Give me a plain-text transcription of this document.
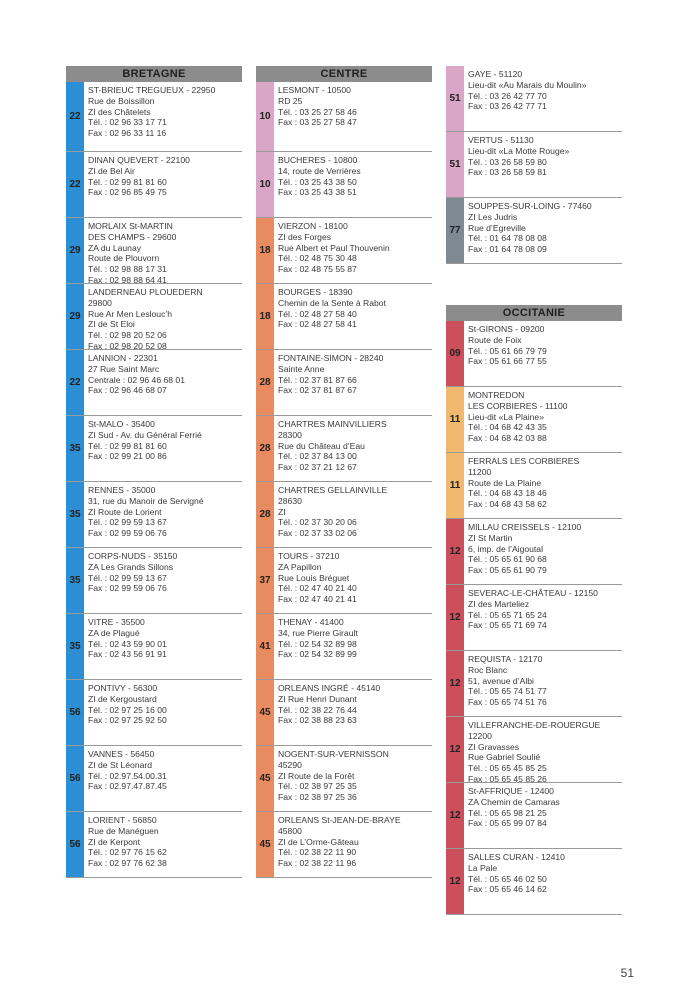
BRETAGNE
22
ST-BRIEUC TREGUEUX - 22950
Rue de Boissillon
ZI des Châtelets
Tél. : 02 96 33 17 71
Fax : 02 96 33 11 16
22
DINAN QUEVERT - 22100
ZI de Bel Air
Tél. : 02 99 81 81 60
Fax : 02 96 85 49 75
29
MORLAIX St-MARTIN
DES CHAMPS - 29600
ZA du Launay
Route de Plouvorn
Tél. : 02 98 88 17 31
Fax : 02 98 88 64 41
29
LANDERNEAU PLOUEDERN
29800
Rue Ar Men Leslouc’h
ZI de St Eloi
Tél. : 02 98 20 52 06
Fax : 02 98 20 52 08
22
LANNION - 22301
27 Rue Saint Marc
Centrale : 02 96 46 68 01
Fax : 02 96 46 68 07
35
St-MALO - 35400
ZI Sud - Av. du Général Ferrié
Tél. : 02 99 81 81 60
Fax : 02 99 21 00 86
35
RENNES - 35000
31, rue du Manoir de Servigné
ZI Route de Lorient
Tél. : 02 99 59 13 67
Fax : 02 99 59 06 76
35
CORPS-NUDS - 35150
ZA Les Grands Sillons
Tél. : 02 99 59 13 67
Fax : 02 99 59 06 76
35
VITRE - 35500
ZA de Plagué
Tél. : 02 43 59 90 01
Fax : 02 43 56 91 91
56
PONTIVY - 56300
ZI de Kergoustard
Tél. : 02 97 25 16 00
Fax : 02 97 25 92 50
56
VANNES - 56450
ZI de St Léonard
Tél. : 02.97.54.00.31
Fax : 02.97.47.87.45
56
LORIENT - 56850
Rue de Manéguen
ZI de Kerpont
Tél. : 02 97 76 15 62
Fax : 02 97 76 62 38
CENTRE
10
LESMONT - 10500
RD 25
Tél. : 03 25 27 58 46
Fax : 03 25 27 58 47
10
BUCHERES - 10800
14, route de Verrières
Tél. : 03 25 43 38 50
Fax : 03 25 43 38 51
18
VIERZON - 18100
ZI des Forges
Rue Albert et Paul Thouvenin
Tél. : 02 48 75 30 48
Fax : 02 48 75 55 87
18
BOURGES - 18390
Chemin de la Sente à Rabot
Tél. : 02 48 27 58 40
Fax : 02 48 27 58 41
28
FONTAINE-SIMON - 28240
Sainte Anne
Tél. : 02 37 81 87 66
Fax : 02 37 81 87 67
28
CHARTRES MAINVILLIERS
28300
Rue du Château d’Eau
Tél. : 02 37 84 13 00
Fax : 02 37 21 12 67
28
CHARTRES GELLAINVILLE
28630
ZI
Tél. : 02 37 30 20 06
Fax : 02 37 33 02 06
37
TOURS - 37210
ZA Papillon
Rue Louis Bréguet
Tél. : 02 47 40 21 40
Fax : 02 47 40 21 41
41
THENAY - 41400
34, rue Pierre Girault
Tél. : 02 54 32 89 98
Fax : 02 54 32 89 99
45
ORLEANS INGRÉ - 45140
ZI Rue Henri Dunant
Tél. : 02 38 22 76 44
Fax : 02 38 88 23 63
45
NOGENT-SUR-VERNISSON
45290
ZI Route de la Forêt
Tél. : 02 38 97 25 35
Fax : 02 38 97 25 36
45
ORLEANS St-JEAN-DE-BRAYE
45800
ZI de L’Orme-Gâteau
Tél. : 02 38 22 11 90
Fax : 02 38 22 11 96
51
GAYE - 51120
Lieu-dit «Au Marais du Moulin»
Tél. : 03 26 42 77 70
Fax : 03 26 42 77 71
51
VERTUS - 51130
Lieu-dit «La Motte Rouge»
Tél. : 03 26 58 59 80
Fax : 03 26 58 59 81
77
SOUPPES-SUR-LOING - 77460
ZI Les Judris
Rue d’Egreville
Tél. : 01 64 78 08 08
Fax : 01 64 78 08 09
OCCITANIE
09
St-GIRONS - 09200
Route de Foix
Tél. : 05 61 66 79 79
Fax : 05 61 66 77 55
11
MONTREDON
LES CORBIERES - 11100
Lieu-dit «La Plaine»
Tél. : 04 68 42 43 35
Fax : 04 68 42 03 88
11
FERRALS LES CORBIERES
11200
Route de La Plaine
Tél. : 04 68 43 18 46
Fax : 04 68 43 58 62
12
MILLAU CREISSELS - 12100
ZI St Martin
6, imp. de l’Aigoutal
Tél. : 05 65 61 90 68
Fax : 05 65 61 90 79
12
SEVERAC-LE-CHÂTEAU - 12150
ZI des Marteliez
Tél. : 05 65 71 65 24
Fax : 05 65 71 69 74
12
REQUISTA - 12170
Roc Blanc
51, avenue d’Albi
Tél. : 05 65 74 51 77
Fax : 05 65 74 51 76
12
VILLEFRANCHE-DE-ROUERGUE
12200
ZI Gravasses
Rue Gabriel Soulié
Tél. : 05 65 45 85 25
Fax : 05 65 45 85 26
12
St-AFFRIQUE - 12400
ZA Chemin de Camaras
Tél. : 05 65 98 21 25
Fax : 05 65 99 07 84
12
SALLES CURAN - 12410
La Pale
Tél. : 05 65 46 02 50
Fax : 05 65 46 14 62
51
